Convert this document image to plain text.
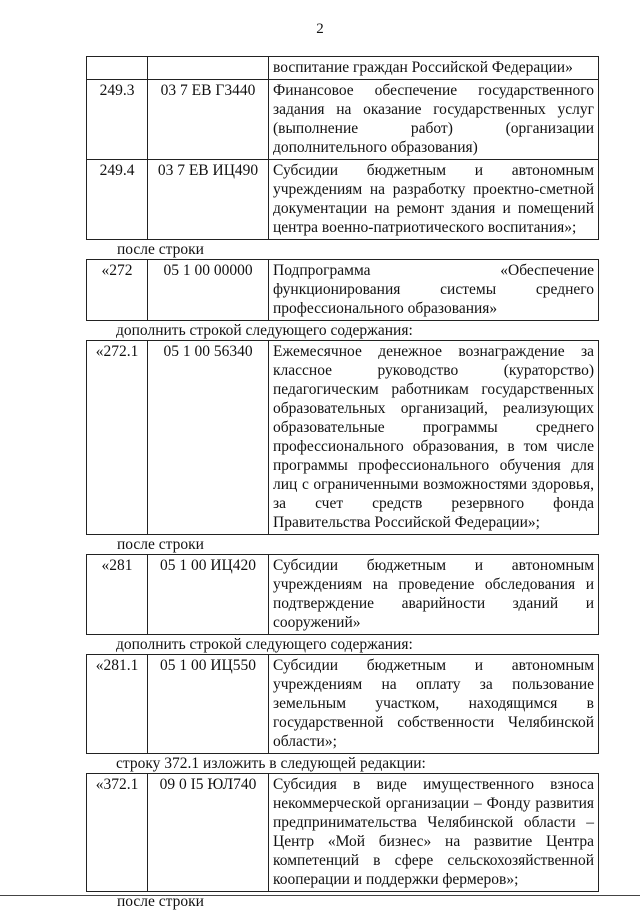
2

		воспитание граждан Российской Федерации»

249.3	03 7 ЕВ Г3440	Финансовое обеспечение государственного задания на оказание государственных услуг (выполнение работ) (организации дополнительного образования)

249.4	03 7 ЕВ ИЦ490	Субсидии бюджетным и автономным учреждениям на разработку проектно-сметной документации на ремонт здания и помещений центра военно-патриотического воспитания»;

после строки

«272	05 1 00 00000	Подпрограмма «Обеспечение функционирования системы среднего профессионального образования»

дополнить строкой следующего содержания:

«272.1	05 1 00 56340	Ежемесячное денежное вознаграждение за классное руководство (кураторство) педагогическим работникам государственных образовательных организаций, реализующих образовательные программы среднего профессионального образования, в том числе программы профессионального обучения для лиц с ограниченными возможностями здоровья, за счет средств резервного фонда Правительства Российской Федерации»;

после строки

«281	05 1 00 ИЦ420	Субсидии бюджетным и автономным учреждениям на проведение обследования и подтверждение аварийности зданий и сооружений»

дополнить строкой следующего содержания:

«281.1	05 1 00 ИЦ550	Субсидии бюджетным и автономным учреждениям на оплату за пользование земельным участком, находящимся в государственной собственности Челябинской области»;

строку 372.1 изложить в следующей редакции:

«372.1	09 0 I5 ЮЛ740	Субсидия в виде имущественного взноса некоммерческой организации – Фонду развития предпринимательства Челябинской области – Центр «Мой бизнес» на развитие Центра компетенций в сфере сельскохозяйственной кооперации и поддержки фермеров»;

после строки
